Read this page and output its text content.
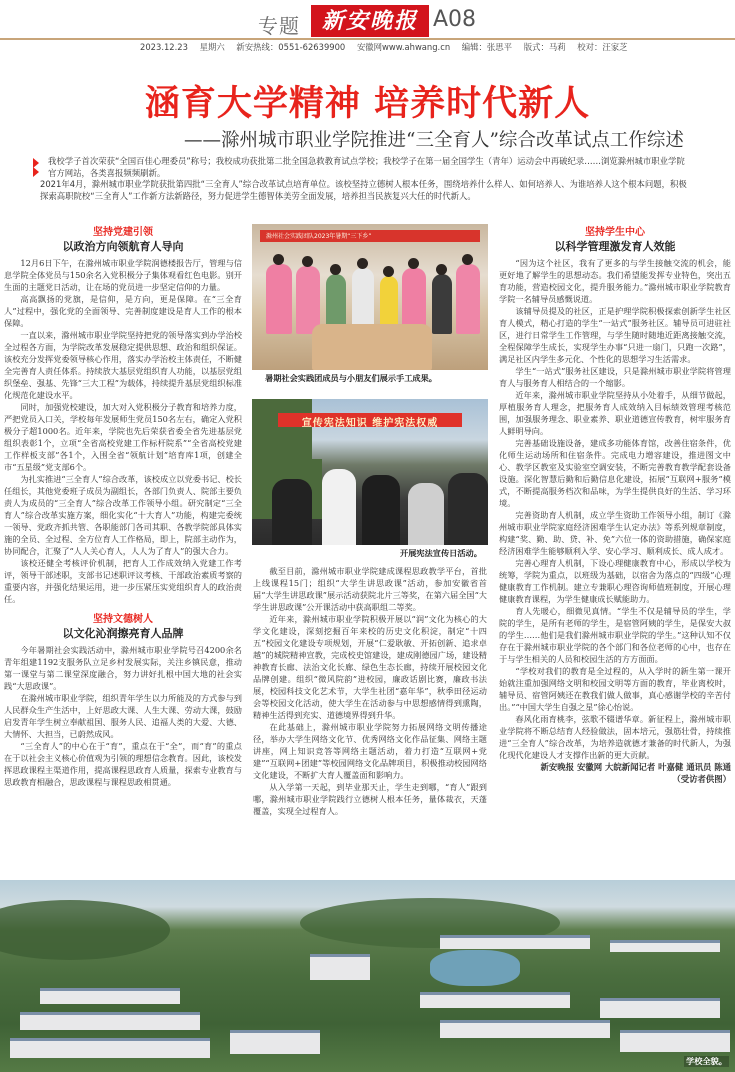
专题 新安晚报 A08
2023.12.23 星期六 新安热线：0551-62639900 安徽网www.ahwang.cn 编辑：张思平 版式：马莉 校对：汪家芝
涵育大学精神 培养时代新人
——滁州城市职业学院推进“三全育人”综合改革试点工作综述

我校学子首次荣获“全国百佳心理委员”称号；我校成功获批第二批全国急救教育试点学校；我校学子在第一届全国学生（青年）运动会中再破纪录……浏览滁州城市职业学院官方网站，各类喜报频频刷新。

2021年4月，滁州城市职业学院获批第四批“三全育人”综合改革试点培育单位。该校坚持立德树人根本任务，围绕培养什么样人、如何培养人、为谁培养人这个根本问题，积极探索高职院校“三全育人”工作新方法新路径，努力促进学生德智体美劳全面发展，培养担当民族复兴大任的时代新人。

坚持党建引领
以政治方向领航育人导向

12月6日下午，在滁州城市职业学院润德楼报告厅，管理与信息学院全体党员与150余名入党积极分子集体观看红色电影。别开生面的主题党日活动，让在场的党员进一步坚定信仰的力量。

高高飘扬的党旗，是信仰，是方向，更是保障。在“三全育人”过程中，强化党的全面领导、完善制度建设是育人工作的根本保障。

一直以来，滁州城市职业学院坚持把党的领导落实到办学治校全过程各方面，为学院改革发展稳定提供思想、政治和组织保证。该校充分发挥党委领导核心作用，落实办学治校主体责任，不断健全完善育人责任体系。持续放大基层党组织育人功能，以基层党组织堡垒、强基、先锋“三大工程”为载体，持续提升基层党组织标准化规范化建设水平。

同时，加强党校建设，加大对入党积极分子教育和培养力度，严把党员入口关，学校每年发展师生党员150名左右，确定入党积极分子超1000名。近年来，学院也先后荣获省委全省先进基层党组织表彰1个，立项“全省高校党建工作标杆院系”“全省高校党建工作样板支部”各1个，入围全省“领航计划”培育库1项，创建全市“五星级”党支部6个。

为扎实推进“三全育人”综合改革，该校成立以党委书记、校长任组长，其他党委班子成员为副组长，各部门负责人、院部主要负责人为成员的“三全育人”综合改革工作领导小组。研究制定“三全育人”综合改革实施方案，细化实化“十大育人”功能，构建完委统一领导、党政齐抓共管、各职能部门各司其职、各教学院部具体实施的全员、全过程、全方位育人工作格局，即上，院部主动作为，协同配合，汇聚了“人人关心育人，人人为了育人”的强大合力。

该校还健全考核评价机制，把育人工作成效纳入党建工作考评，领导干部述职，支部书记述职评议考核、干部政治素质考察的重要内容，并强化结果运用，进一步压紧压实党组织育人的政治责任。

坚持文德树人
以文化沁润擦亮育人品牌

今年暑期社会实践活动中，滁州城市职业学院号召4200余名青年组建1192支服务队立足乡村发展实际，关注乡镇民意，推动第一课堂与第二课堂深度融合，努力讲好扎根中国大地的社会实践“大思政课”。

在滁州城市职业学院，组织青年学生以力所能及的方式参与到人民群众生产生活中，上好思政大课、人生大课、劳动大课，鼓励启发青年学生树立奉献祖国、服务人民、追福人类的大爱、大德、大情怀、大担当，已蔚然成风。

“三全育人”的中心在于“育”，重点在于“全”，而“育”的重点在于以社会主义核心价值观为引领的理想信念教育。因此，该校发挥思政课程主渠道作用，提高课程思政育人质量，探索专业教育与思政教育相融合，思政课程与课程思政相贯通。

滁州社会实践团队2023年暑期“三下乡”
暑期社会实践团成员与小朋友们展示手工成果。
宣传宪法知识 维护宪法权威
开展宪法宣传日活动。

截至目前，滁州城市职业学院建成课程思政教学平台，首批上线课程15门；组织“大学生讲思政课”活动，参加安徽省首届“大学生讲思政课”展示活动获院北片三等奖，在第六届全国“大学生讲思政课”公开课活动中获高职组二等奖。

近年来，滁州城市职业学院积极开展以“润”文化为核心的大学文化建设，深刻挖掘百年来校的历史文化积淀，制定“十四五”校园文化建设专项规划，开展“仁爱耿敏、开拓创新、追求卓越”的城院精神宣教，完成校史馆建设，建成刚德园广场，建设精神教育长廊、法治文化长廊、绿色生态长廊，持续开展校园文化品牌创建。组织“微风院韵”进校园，廉政话剧比赛，廉政书法展，校园科技文化艺术节，大学生社团“嘉年华”，秋季田径运动会等校园文化活动，使大学生在活动参与中思想感情得到熏陶，精神生活得到充实、道德境界得到升华。

在此基础上，滁州城市职业学院努力拓展网络文明传播途径，举办大学生网络文化节、优秀网络文化作品征集、网络主题讲座，网上知识竞答等网络主题活动，着力打造“互联网+党建”“互联网+团建”等校园网络文化品牌项目，积极推动校园网络文化建设，不断扩大育人覆盖面和影响力。

从入学第一天起，到毕业那天止，学生走到哪，“育人”跟到哪，滁州城市职业学院践行立德树人根本任务，量体裁衣，天蓬覆盖，实现全过程育人。

坚持学生中心
以科学管理激发育人效能

“因为这个社区，我有了更多的与学生接触交流的机会，能更好地了解学生的思想动态。我们希望能发挥专业特色，突出五育功能，营造校园文化，提升服务能力。”滁州城市职业学院教育学院一名辅导员感慨说道。

该辅导员提及的社区，正是护理学院积极探索创新学生社区育人模式，精心打造的学生“一站式”服务社区。辅导员可进驻社区，进行日常学生工作管理，与学生随时随地近距离接触交流，全程保障学生成长，实现学生办事“只进一扇门，只跑一次路”，满足社区内学生多元化、个性化的思想学习生活需求。

学生“一站式”服务社区建设，只是滁州城市职业学院将管理育人与服务育人相结合的一个缩影。

近年来，滁州城市职业学院坚持从小处着手，从细节做起，厚植服务育人理念，把服务育人成效纳入目标绩效管理考核范围，加强服务理念、职业素养、职业道德宣传教育，树牢服务育人鲜明导向。

完善基础设施设备，建成多功能体育馆，改善住宿条件，优化师生运动场所和住宿条件。完成电力增容建设，推进图文中心、教学区教室及实验室空调安装，不断完善教育教学配套设备设施。深化智慧后勤和后勤信息化建设，拓展“互联网+服务”模式，不断提高服务档次和品味，为学生提供良好的生活、学习环境。

完善资助育人机制，成立学生资助工作领导小组，制订《滁州城市职业学院家庭经济困难学生认定办法》等系列规章制度，构建“奖、勤、助、贷、补、免”六位一体的资助措施，确保家庭经济困难学生能够顺利入学、安心学习、顺利成长、成人成才。

完善心理育人机制，下设心理健康教育中心，形成以学校为统筹，学院为重点，以班级为基础，以宿舍为落点的“四级”心理健康教育工作机制。建立专兼职心理咨询师值班制度，开展心理健康教育课程，为学生健康成长赋能助力。

育人先暖心，细微见真情。“学生不仅是辅导员的学生，学院的学生，是所有老师的学生，是宿管阿姨的学生，是保安大叔的学生……他们是我们滁州城市职业学院的学生。”这种认知不仅存在于滁州城市职业学院的各个部门和各位老师的心中，也存在于与学生相关的人员和校园生活的方方面面。

“学校对我们的教育是全过程的，从入学时的新生第一课开始就注重加强网络文明和校园文明等方面的教育，毕业离校时，辅导员、宿管阿姨还在教我们做人做事，真心感谢学校的辛苦付出。”“中国大学生自强之星”徐心怡说。

春风化雨育桃李，弦歌不辍谱华章。新征程上，滁州城市职业学院将不断总结育人经验做法，固本培元，强筋壮骨，持续推进“三全育人”综合改革，为培养造就德才兼备的时代新人，为强化现代化建设人才支撑作出新的更大贡献。

新安晚报 安徽网 大皖新闻记者 叶嘉健 通讯员 陈通
（受访者供图）
学校全貌。
